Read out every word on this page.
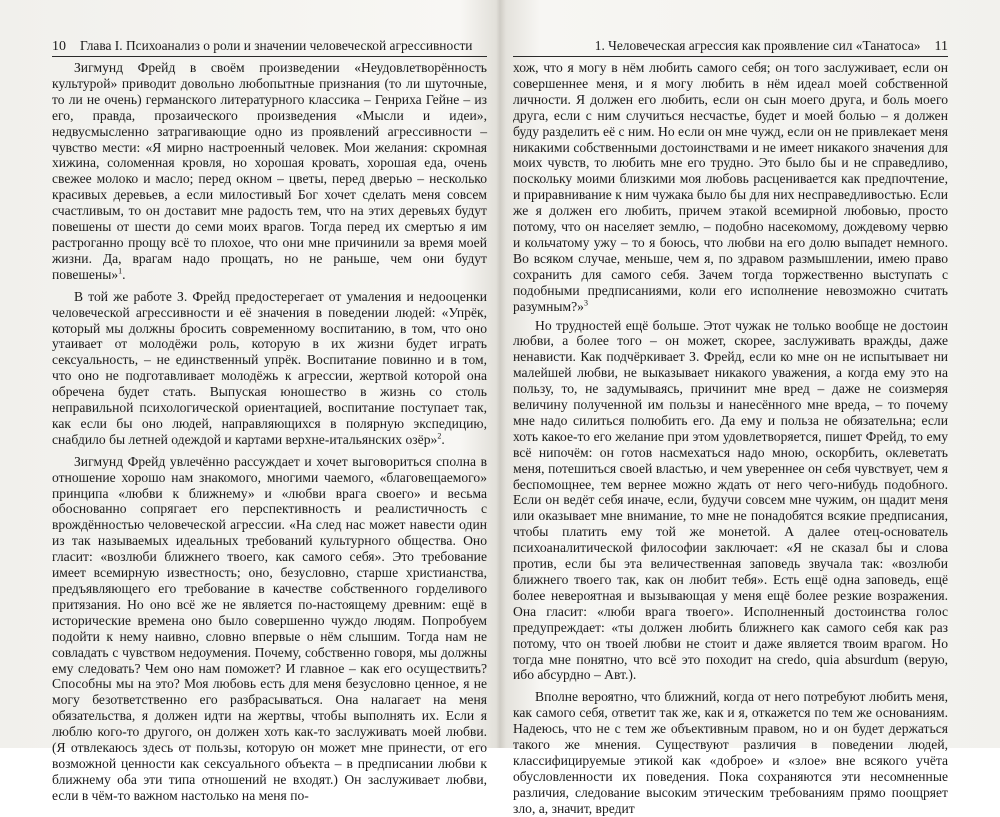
10 Глава I. Психоанализ о роли и значении человеческой агрессивности

Зигмунд Фрейд в своём произведении «Неудовлетворённость культурой» приводит довольно любопытные признания (то ли шуточные, то ли не очень) германского литературного классика – Генриха Гейне – из его, правда, прозаического произведения «Мысли и идеи», недвусмысленно затрагивающие одно из проявлений агрессивности – чувство мести: «Я мирно настроенный человек. Мои желания: скромная хижина, соломенная кровля, но хорошая кровать, хорошая еда, очень свежее молоко и масло; перед окном – цветы, перед дверью – несколько красивых деревьев, а если милостивый Бог хочет сделать меня совсем счастливым, то он доставит мне радость тем, что на этих деревьях будут повешены от шести до семи моих врагов. Тогда перед их смертью я им растроганно прощу всё то плохое, что они мне причинили за время моей жизни. Да, врагам надо прощать, но не раньше, чем они будут повешены»$^1$.

В той же работе З. Фрейд предостерегает от умаления и недооценки человеческой агрессивности и её значения в поведении людей: «Упрёк, который мы должны бросить современному воспитанию, в том, что оно утаивает от молодёжи роль, которую в их жизни будет играть сексуальность, – не единственный упрёк. Воспитание повинно и в том, что оно не подготавливает молодёжь к агрессии, жертвой которой она обречена будет стать. Выпуская юношество в жизнь со столь неправильной психологической ориентацией, воспитание поступает так, как если бы оно людей, направляющихся в полярную экспедицию, снабдило бы летней одеждой и картами верхне-итальянских озёр»$^2$.

Зигмунд Фрейд увлечённо рассуждает и хочет выговориться сполна в отношение хорошо нам знакомого, многими чаемого, «благовещаемого» принципа «любви к ближнему» и «любви врага своего» и весьма обоснованно сопрягает его перспективность и реалистичность с врождённостью человеческой агрессии. «На след нас может навести один из так называемых идеальных требований культурного общества. Оно гласит: «возлюби ближнего твоего, как самого себя». Это требование имеет всемирную известность; оно, безусловно, старше христианства, предъявляющего его требование в качестве собственного горделивого притязания. Но оно всё же не является по-настоящему древним: ещё в исторические времена оно было совершенно чуждо людям. Попробуем подойти к нему наивно, словно впервые о нём слышим. Тогда нам не совладать с чувством недоумения. Почему, собственно говоря, мы должны ему следовать? Чем оно нам поможет? И главное – как его осуществить? Способны мы на это? Моя любовь есть для меня безусловно ценное, я не могу безответственно его разбрасываться. Она налагает на меня обязательства, я должен идти на жертвы, чтобы выполнять их. Если я люблю кого-то другого, он должен хоть как-то заслуживать моей любви. (Я отвлекаюсь здесь от пользы, которую он может мне принести, от его возможной ценности как сексуального объекта – в предписании любви к ближнему оба эти типа отношений не входят.) Он заслуживает любви, если в чём-то важном настолько на меня по-

1. Человеческая агрессия как проявление сил «Танатоса» 11

хож, что я могу в нём любить самого себя; он того заслуживает, если он совершеннее меня, и я могу любить в нём идеал моей собственной личности. Я должен его любить, если он сын моего друга, и боль моего друга, если с ним случиться несчастье, будет и моей болью – я должен буду разделить её с ним. Но если он мне чужд, если он не привлекает меня никакими собственными достоинствами и не имеет никакого значения для моих чувств, то любить мне его трудно. Это было бы и не справедливо, поскольку моими близкими моя любовь расценивается как предпочтение, и приравнивание к ним чужака было бы для них несправедливостью. Если же я должен его любить, причем этакой всемирной любовью, просто потому, что он населяет землю, – подобно насекомому, дождевому червю и кольчатому ужу – то я боюсь, что любви на его долю выпадет немного. Во всяком случае, меньше, чем я, по здравом размышлении, имею право сохранить для самого себя. Зачем тогда торжественно выступать с подобными предписаниями, коли его исполнение невозможно считать разумным?»$^3$

Но трудностей ещё больше. Этот чужак не только вообще не достоин любви, а более того – он может, скорее, заслуживать вражды, даже ненависти. Как подчёркивает З. Фрейд, если ко мне он не испытывает ни малейшей любви, не выказывает никакого уважения, а когда ему это на пользу, то, не задумываясь, причинит мне вред – даже не соизмеряя величину полученной им пользы и нанесённого мне вреда, – то почему мне надо силиться полюбить его. Да ему и польза не обязательна; если хоть какое-то его желание при этом удовлетворяется, пишет Фрейд, то ему всё нипочём: он готов насмехаться надо мною, оскорбить, оклеветать меня, потешиться своей властью, и чем увереннее он себя чувствует, чем я беспомощнее, тем вернее можно ждать от него чего-нибудь подобного. Если он ведёт себя иначе, если, будучи совсем мне чужим, он щадит меня или оказывает мне внимание, то мне не понадобятся всякие предписания, чтобы платить ему той же монетой. А далее отец-основатель психоаналитической философии заключает: «Я не сказал бы и слова против, если бы эта величественная заповедь звучала так: «возлюби ближнего твоего так, как он любит тебя». Есть ещё одна заповедь, ещё более невероятная и вызывающая у меня ещё более резкие возражения. Она гласит: «люби врага твоего». Исполненный достоинства голос предупреждает: «ты должен любить ближнего как самого себя как раз потому, что он твоей любви не стоит и даже является твоим врагом. Но тогда мне понятно, что всё это походит на credo, quia absurdum (верую, ибо абсурдно – Авт.).

Вполне вероятно, что ближний, когда от него потребуют любить меня, как самого себя, ответит так же, как и я, откажется по тем же основаниям. Надеюсь, что не с тем же объективным правом, но и он будет держаться такого же мнения. Существуют различия в поведении людей, классифицируемые этикой как «доброе» и «злое» вне всякого учёта обусловленности их поведения. Пока сохраняются эти несомненные различия, следование высоким этическим требованиям прямо поощряет зло, а, значит, вредит
